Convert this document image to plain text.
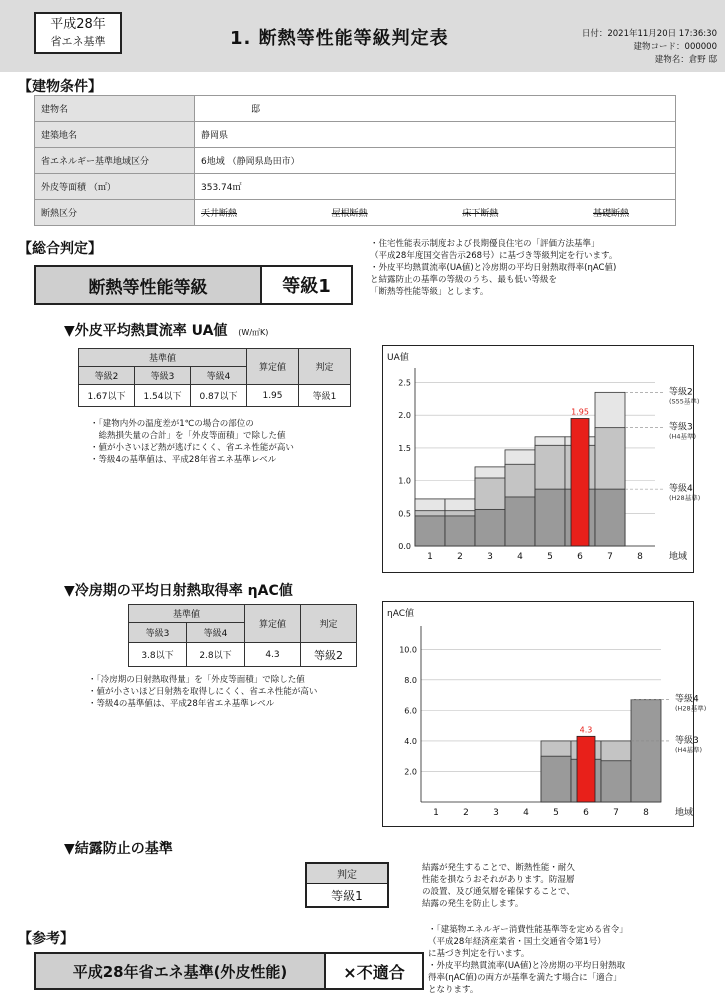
平成28年
省エネ基準	1. 断熱等性能等級判定表	日付：2021年11月20日 17:36:30
建物コード：000000
建物名：倉野 邸
【建物条件】
建物名	邸
建築地名	静岡県
省エネルギー基準地域区分	6地域 （静岡県島田市）
外皮等面積 （㎡）	353.74㎡
断熱区分	天井断熱 屋根断熱 床下断熱 基礎断熱
【総合判定】
断熱等性能等級	等級1
・住宅性能表示制度および長期優良住宅の「評価方法基準」
（平成28年度国交省告示268号）に基づき等級判定を行います。
・外皮平均熱貫流率(UA値)と冷房期の平均日射熱取得率(ηAC値)
と結露防止の基準の等級のうち、最も低い等級を
「断熱等性能等級」とします。
▼外皮平均熱貫流率 UA値 (W/㎡K)
基準値			算定値	判定
等級2	等級3	等級4		
1.67以下	1.54以下	0.87以下	1.95	等級1
・「建物内外の温度差が1℃の場合の部位の
　総熱損失量の合計」を「外皮等面積」で除した値
・値が小さいほど熱が逃げにくく、省エネ性能が高い
・等級4の基準値は、平成28年省エネ基準レベル
UA値
0.0
0.5
1.0
1.5
2.0
2.5
1.95
1	2	3	4	5	6	7	8	地域
等級2
(S55基準)
等級3
(H4基準)
等級4
(H28基準)
▼冷房期の平均日射熱取得率 ηAC値
基準値		算定値	判定
等級3	等級4		
3.8以下	2.8以下	4.3	等級2
・「冷房期の日射熱取得量」を「外皮等面積」で除した値
・値が小さいほど日射熱を取得しにくく、省エネ性能が高い
・等級4の基準値は、平成28年省エネ基準レベル
ηAC値
2.0
4.0
6.0
8.0
10.0
4.3
1	2	3	4	5	6	7	8	地域
等級3
(H4基準)
等級4
(H28基準)
▼結露防止の基準
判定
等級1
結露が発生することで、断熱性能・耐久
性能を損なうおそれがあります。防湿層
の設置、及び通気層を確保することで、
結露の発生を防止します。
【参考】
平成28年省エネ基準(外皮性能)	×不適合
・「建築物エネルギー消費性能基準等を定める省令」
（平成28年経済産業省・国土交通省令第1号）
に基づき判定を行います。
・外皮平均熱貫流率(UA値)と冷房期の平均日射熱取
得率(ηAC値)の両方が基準を満たす場合に「適合」
となります。
